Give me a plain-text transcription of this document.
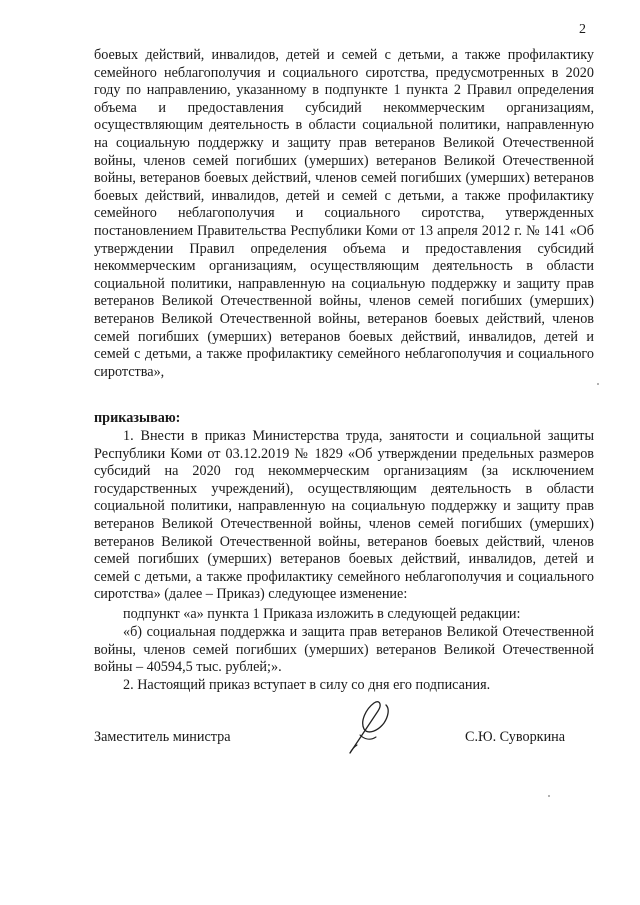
2

боевых действий, инвалидов, детей и семей с детьми, а также профилактику семейного неблагополучия и социального сиротства, предусмотренных в 2020 году по направлению, указанному в подпункте 1 пункта 2 Правил определения объема и предоставления субсидий некоммерческим организациям, осуществляющим деятельность в области социальной политики, направленную на социальную поддержку и защиту прав ветеранов Великой Отечественной войны, членов семей погибших (умерших) ветеранов Великой Отечественной войны, ветеранов боевых действий, членов семей погибших (умерших) ветеранов боевых действий, инвалидов, детей и семей с детьми, а также профилактику семейного неблагополучия и социального сиротства, утвержденных постановлением Правительства Республики Коми от 13 апреля 2012 г. № 141 «Об утверждении Правил определения объема и предоставления субсидий некоммерческим организациям, осуществляющим деятельность в области социальной политики, направленную на социальную поддержку и защиту прав ветеранов Великой Отечественной войны, членов семей погибших (умерших) ветеранов Великой Отечественной войны, ветеранов боевых действий, членов семей погибших (умерших) ветеранов боевых действий, инвалидов, детей и семей с детьми, а также профилактику семейного неблагополучия и социального сиротства»,

приказываю:

1. Внести в приказ Министерства труда, занятости и социальной защиты Республики Коми от 03.12.2019 № 1829 «Об утверждении предельных размеров субсидий на 2020 год некоммерческим организациям (за исключением государственных учреждений), осуществляющим деятельность в области социальной политики, направленную на социальную поддержку и защиту прав ветеранов Великой Отечественной войны, членов семей погибших (умерших) ветеранов Великой Отечественной войны, ветеранов боевых действий, членов семей погибших (умерших) ветеранов боевых действий, инвалидов, детей и семей с детьми, а также профилактику семейного неблагополучия и социального сиротства» (далее – Приказ) следующее изменение:

подпункт «а» пункта 1 Приказа изложить в следующей редакции:

«б) социальная поддержка и защита прав ветеранов Великой Отечественной войны, членов семей погибших (умерших) ветеранов Великой Отечественной войны – 40594,5 тыс. рублей;».

2. Настоящий приказ вступает в силу со дня его подписания.

Заместитель министра	С.Ю. Суворкина
